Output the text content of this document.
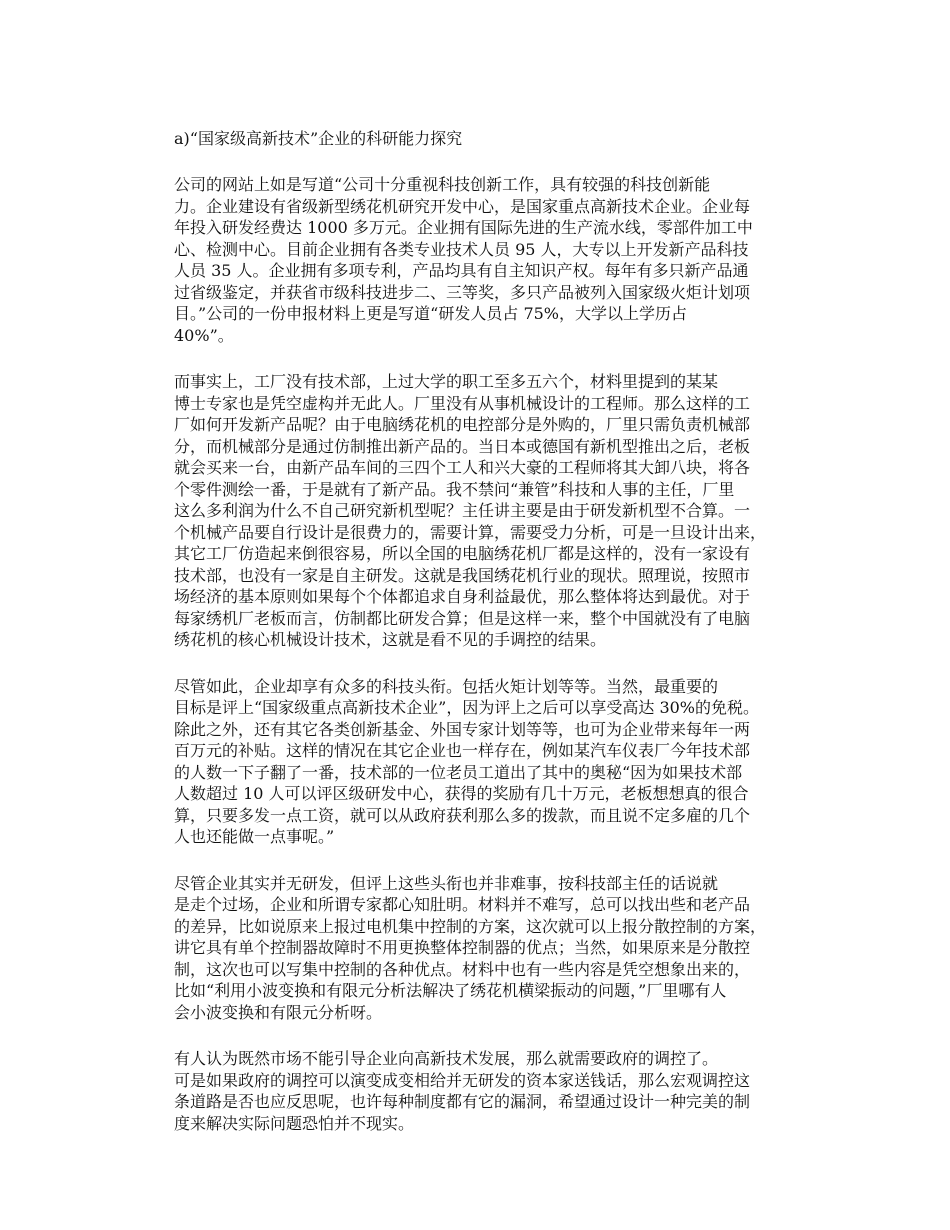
a)“国家级高新技术”企业的科研能力探究
公司的网站上如是写道“公司十分重视科技创新工作，具有较强的科技创新能
力。企业建设有省级新型绣花机研究开发中心，是国家重点高新技术企业。企业每
年投入研发经费达 1000 多万元。企业拥有国际先进的生产流水线，零部件加工中
心、检测中心。目前企业拥有各类专业技术人员 95 人，大专以上开发新产品科技
人员 35 人。企业拥有多项专利，产品均具有自主知识产权。每年有多只新产品通
过省级鉴定，并获省市级科技进步二、三等奖，多只产品被列入国家级火炬计划项
目。”公司的一份申报材料上更是写道“研发人员占 75%，大学以上学历占
40%”。
而事实上，工厂没有技术部，上过大学的职工至多五六个，材料里提到的某某
博士专家也是凭空虚构并无此人。厂里没有从事机械设计的工程师。那么这样的工
厂如何开发新产品呢？由于电脑绣花机的电控部分是外购的，厂里只需负责机械部
分，而机械部分是通过仿制推出新产品的。当日本或德国有新机型推出之后，老板
就会买来一台，由新产品车间的三四个工人和兴大豪的工程师将其大卸八块，将各
个零件测绘一番，于是就有了新产品。我不禁问“兼管”科技和人事的主任，厂里
这么多利润为什么不自己研究新机型呢？主任讲主要是由于研发新机型不合算。一
个机械产品要自行设计是很费力的，需要计算，需要受力分析，可是一旦设计出来，
其它工厂仿造起来倒很容易，所以全国的电脑绣花机厂都是这样的，没有一家设有
技术部，也没有一家是自主研发。这就是我国绣花机行业的现状。照理说，按照市
场经济的基本原则如果每个个体都追求自身利益最优，那么整体将达到最优。对于
每家绣机厂老板而言，仿制都比研发合算；但是这样一来，整个中国就没有了电脑
绣花机的核心机械设计技术，这就是看不见的手调控的结果。
尽管如此，企业却享有众多的科技头衔。包括火矩计划等等。当然，最重要的
目标是评上“国家级重点高新技术企业”，因为评上之后可以享受高达 30%的免税。
除此之外，还有其它各类创新基金、外国专家计划等等，也可为企业带来每年一两
百万元的补贴。这样的情况在其它企业也一样存在，例如某汽车仪表厂今年技术部
的人数一下子翻了一番，技术部的一位老员工道出了其中的奥秘“因为如果技术部
人数超过 10 人可以评区级研发中心，获得的奖励有几十万元，老板想想真的很合
算，只要多发一点工资，就可以从政府获利那么多的拨款，而且说不定多雇的几个
人也还能做一点事呢。”
尽管企业其实并无研发，但评上这些头衔也并非难事，按科技部主任的话说就
是走个过场，企业和所谓专家都心知肚明。材料并不难写，总可以找出些和老产品
的差异，比如说原来上报过电机集中控制的方案，这次就可以上报分散控制的方案，
讲它具有单个控制器故障时不用更换整体控制器的优点；当然，如果原来是分散控
制，这次也可以写集中控制的各种优点。材料中也有一些内容是凭空想象出来的，
比如“利用小波变换和有限元分析法解决了绣花机横梁振动的问题，”厂里哪有人
会小波变换和有限元分析呀。
有人认为既然市场不能引导企业向高新技术发展，那么就需要政府的调控了。
可是如果政府的调控可以演变成变相给并无研发的资本家送钱话，那么宏观调控这
条道路是否也应反思呢，也许每种制度都有它的漏洞，希望通过设计一种完美的制
度来解决实际问题恐怕并不现实。
